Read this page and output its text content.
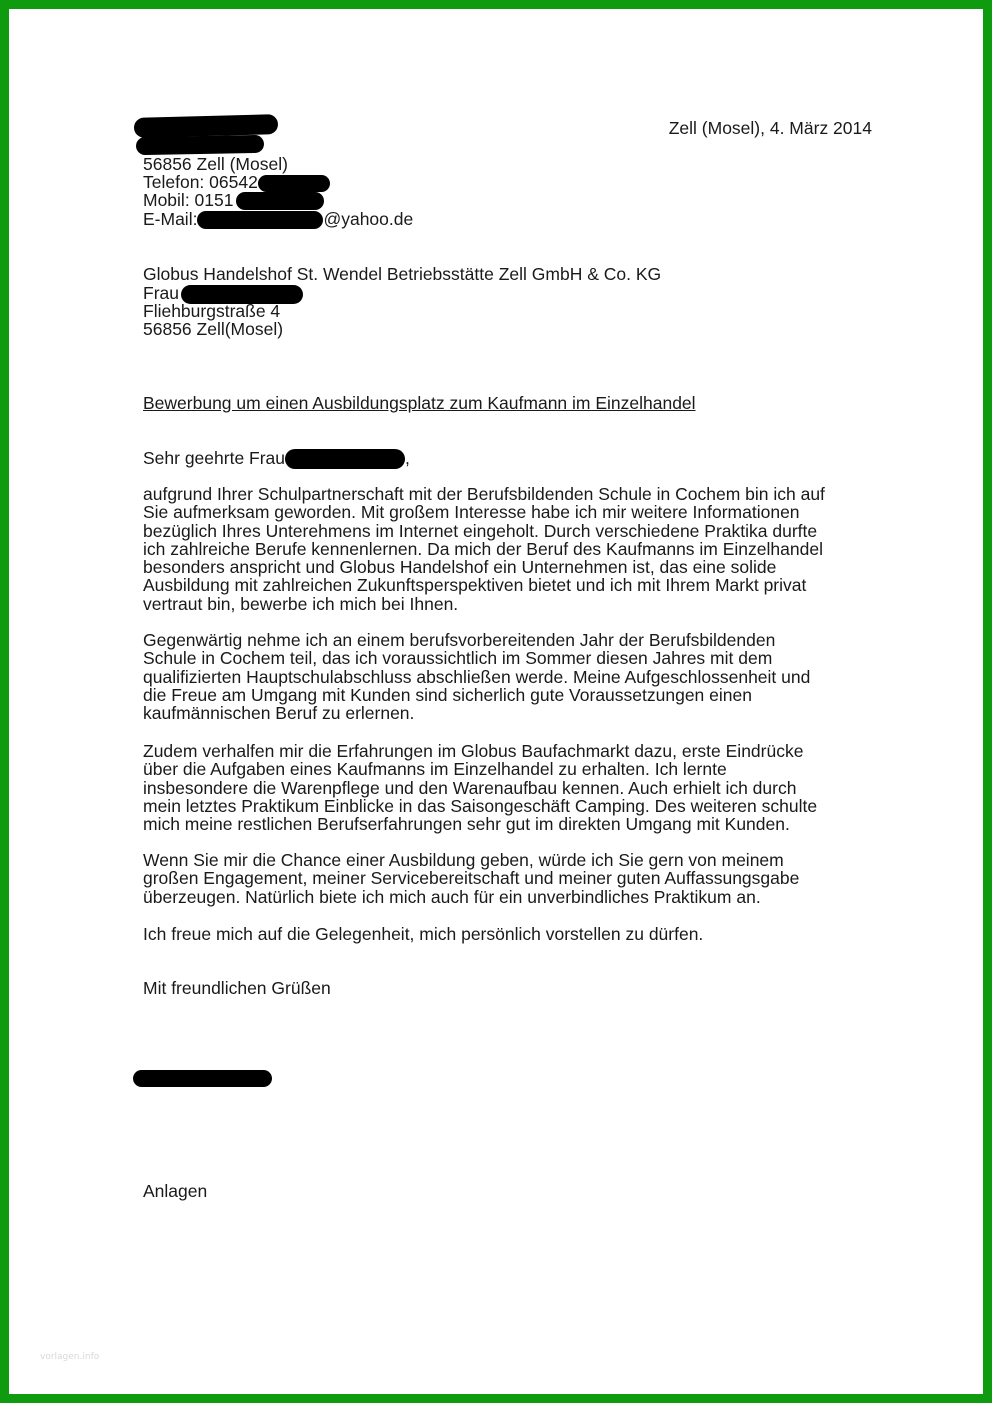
Zell (Mosel), 4. März 2014
56856 Zell (Mosel)
Telefon: 06542
Mobil: 0151
E-Mail:	@yahoo.de
Globus Handelshof St. Wendel Betriebsstätte Zell GmbH & Co. KG
Frau
Fliehburgstraße 4
56856 Zell(Mosel)
Bewerbung um einen Ausbildungsplatz zum Kaufmann im Einzelhandel
Sehr geehrte Frau	,
aufgrund Ihrer Schulpartnerschaft mit der Berufsbildenden Schule in Cochem bin ich auf
Sie aufmerksam geworden. Mit großem Interesse habe ich mir weitere Informationen
bezüglich Ihres Unterehmens im Internet eingeholt. Durch verschiedene Praktika durfte
ich zahlreiche Berufe kennenlernen. Da mich der Beruf des Kaufmanns im Einzelhandel
besonders anspricht und Globus Handelshof ein Unternehmen ist, das eine solide
Ausbildung mit zahlreichen Zukunftsperspektiven bietet und ich mit Ihrem Markt privat
vertraut bin, bewerbe ich mich bei Ihnen.
Gegenwärtig nehme ich an einem berufsvorbereitenden Jahr der Berufsbildenden
Schule in Cochem teil, das ich voraussichtlich im Sommer diesen Jahres mit dem
qualifizierten Hauptschulabschluss abschließen werde. Meine Aufgeschlossenheit und
die Freue am Umgang mit Kunden sind sicherlich gute Voraussetzungen einen
kaufmännischen Beruf zu erlernen.
Zudem verhalfen mir die Erfahrungen im Globus Baufachmarkt dazu, erste Eindrücke
über die Aufgaben eines Kaufmanns im Einzelhandel zu erhalten. Ich lernte
insbesondere die Warenpflege und den Warenaufbau kennen. Auch erhielt ich durch
mein letztes Praktikum Einblicke in das Saisongeschäft Camping. Des weiteren schulte
mich meine restlichen Berufserfahrungen sehr gut im direkten Umgang mit Kunden.
Wenn Sie mir die Chance einer Ausbildung geben, würde ich Sie gern von meinem
großen Engagement, meiner Servicebereitschaft und meiner guten Auffassungsgabe
überzeugen. Natürlich biete ich mich auch für ein unverbindliches Praktikum an.
Ich freue mich auf die Gelegenheit, mich persönlich vorstellen zu dürfen.
Mit freundlichen Grüßen
Anlagen
vorlagen.info
